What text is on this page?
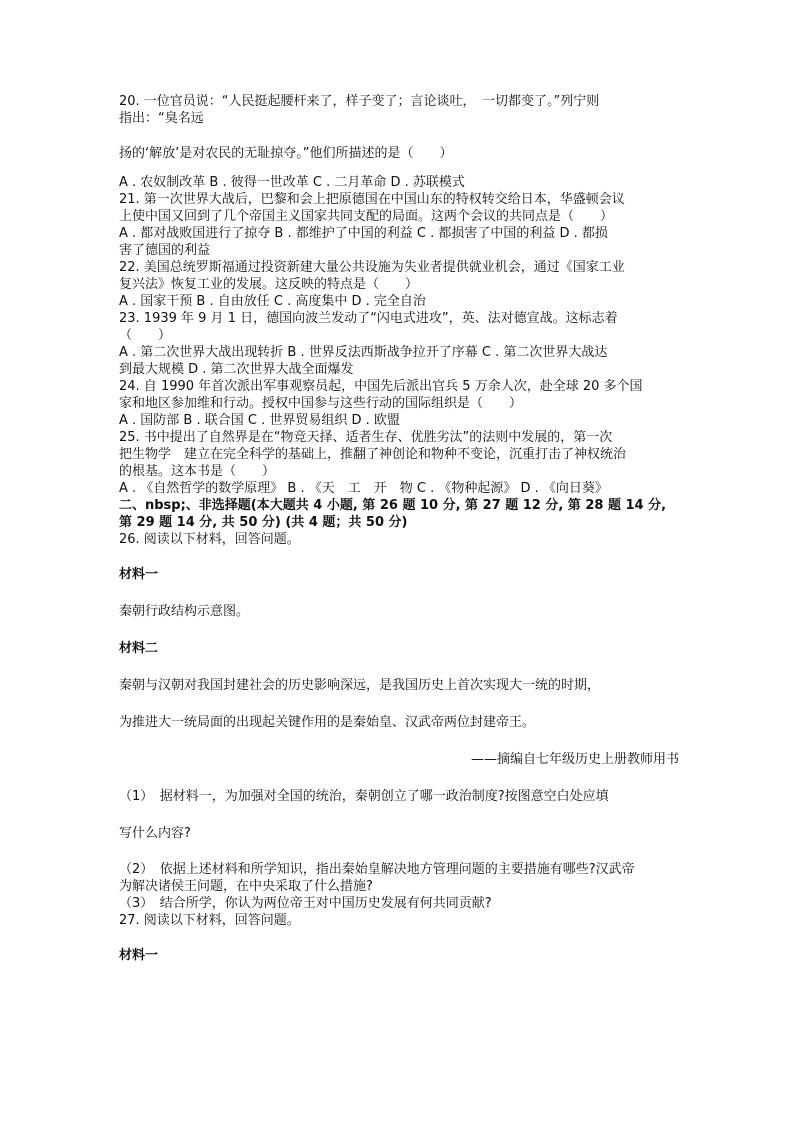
20. 一位官员说：“人民挺起腰杆来了，样子变了；言论谈吐，　一切都变了。”列宁则
指出：“臭名远
扬的‘解放’是对农民的无耻掠夺。”他们所描述的是（　　）
A . 农奴制改革 B . 彼得一世改革 C . 二月革命 D . 苏联模式
21. 第一次世界大战后，巴黎和会上把原德国在中国山东的特权转交给日本，华盛顿会议
上使中国又回到了几个帝国主义国家共同支配的局面。这两个会议的共同点是（　　）
A . 都对战败国进行了掠夺 B . 都维护了中国的利益 C . 都损害了中国的利益 D . 都损
害了德国的利益
22. 美国总统罗斯福通过投资新建大量公共设施为失业者提供就业机会，通过《国家工业
复兴法》恢复工业的发展。这反映的特点是（　　）
A . 国家干预 B . 自由放任 C . 高度集中 D . 完全自治
23. 1939 年 9 月 1 日，德国向波兰发动了“闪电式进攻”，英、法对德宣战。这标志着
（　　）
A . 第二次世界大战出现转折 B . 世界反法西斯战争拉开了序幕 C . 第二次世界大战达
到最大规模 D . 第二次世界大战全面爆发
24. 自 1990 年首次派出军事观察员起，中国先后派出官兵 5 万余人次，赴全球 20 多个国
家和地区参加维和行动。授权中国参与这些行动的国际组织是（　　）
A . 国防部 B . 联合国 C . 世界贸易组织 D . 欧盟
25. 书中提出了自然界是在“物竞天择、适者生存、优胜劣汰”的法则中发展的，第一次
把生物学　建立在完全科学的基础上，推翻了神创论和物种不变论，沉重打击了神权统治
的根基。这本书是（　　）
A . 《自然哲学的数学原理》 B . 《天　工　开　物 C . 《物种起源》 D . 《向日葵》
二、nbsp;、非选择题(本大题共 4 小题, 第 26 题 10 分, 第 27 题 12 分, 第 28 题 14 分,
第 29 题 14 分, 共 50 分) (共 4 题；共 50 分)
26. 阅读以下材料，回答问题。
材料一
秦朝行政结构示意图。
材料二
秦朝与汉朝对我国封建社会的历史影响深远，是我国历史上首次实现大一统的时期，
为推进大一统局面的出现起关键作用的是秦始皇、汉武帝两位封建帝王。
——摘编自七年级历史上册教师用书
（1）　据材料一，为加强对全国的统治，秦朝创立了哪一政治制度?按图意空白处应填
写什么内容?
（2）　依据上述材料和所学知识，指出秦始皇解决地方管理问题的主要措施有哪些?汉武帝
为解决诸侯王问题，在中央采取了什么措施?
（3）　结合所学，你认为两位帝王对中国历史发展有何共同贡献?
27. 阅读以下材料，回答问题。
材料一
